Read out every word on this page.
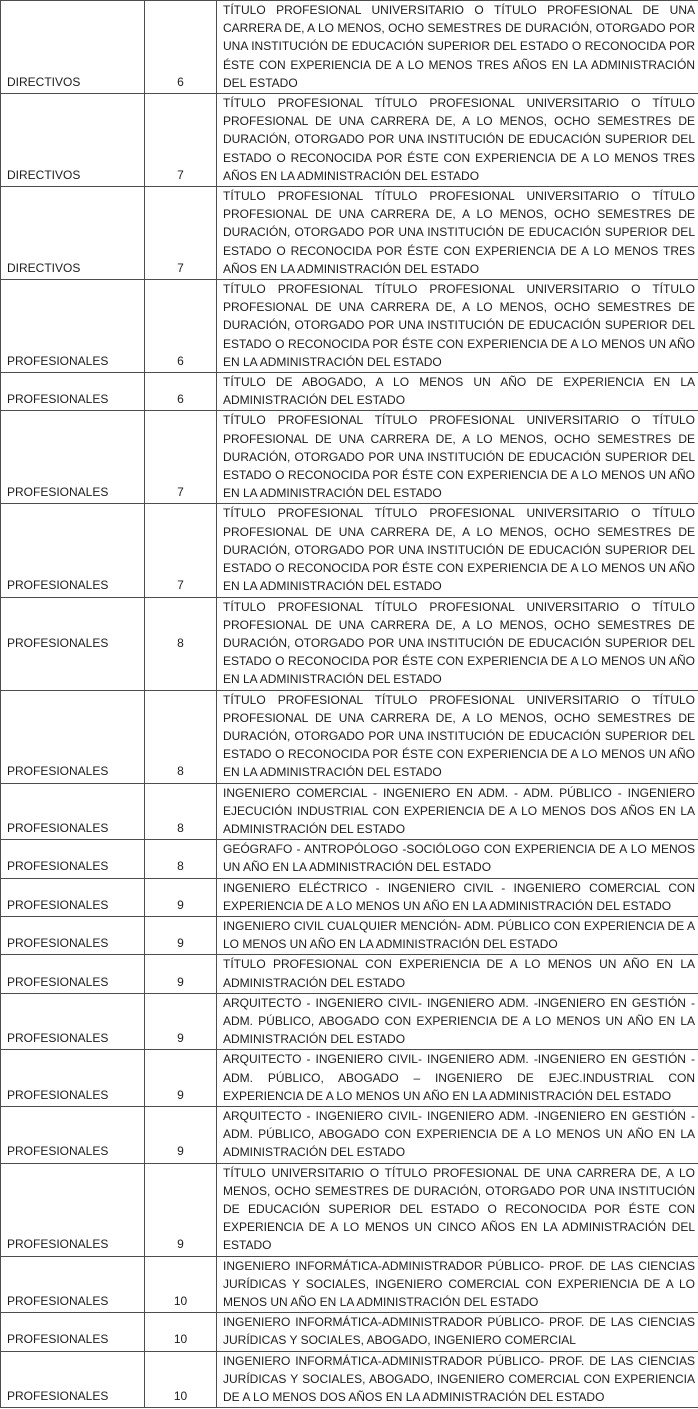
DIRECTIVOS	6	TÍTULO PROFESIONAL UNIVERSITARIO O TÍTULO PROFESIONAL DE UNA CARRERA DE, A LO MENOS, OCHO SEMESTRES DE DURACIÓN, OTORGADO POR UNA INSTITUCIÓN DE EDUCACIÓN SUPERIOR DEL ESTADO O RECONOCIDA POR ÉSTE CON EXPERIENCIA DE A LO MENOS TRES AÑOS EN LA ADMINISTRACIÓN DEL ESTADO
DIRECTIVOS	7	TÍTULO PROFESIONAL TÍTULO PROFESIONAL UNIVERSITARIO O TÍTULO PROFESIONAL DE UNA CARRERA DE, A LO MENOS, OCHO SEMESTRES DE DURACIÓN, OTORGADO POR UNA INSTITUCIÓN DE EDUCACIÓN SUPERIOR DEL ESTADO O RECONOCIDA POR ÉSTE CON EXPERIENCIA DE A LO MENOS TRES AÑOS EN LA ADMINISTRACIÓN DEL ESTADO
DIRECTIVOS	7	TÍTULO PROFESIONAL TÍTULO PROFESIONAL UNIVERSITARIO O TÍTULO PROFESIONAL DE UNA CARRERA DE, A LO MENOS, OCHO SEMESTRES DE DURACIÓN, OTORGADO POR UNA INSTITUCIÓN DE EDUCACIÓN SUPERIOR DEL ESTADO O RECONOCIDA POR ÉSTE CON EXPERIENCIA DE A LO MENOS TRES AÑOS EN LA ADMINISTRACIÓN DEL ESTADO
PROFESIONALES	6	TÍTULO PROFESIONAL TÍTULO PROFESIONAL UNIVERSITARIO O TÍTULO PROFESIONAL DE UNA CARRERA DE, A LO MENOS, OCHO SEMESTRES DE DURACIÓN, OTORGADO POR UNA INSTITUCIÓN DE EDUCACIÓN SUPERIOR DEL ESTADO O RECONOCIDA POR ÉSTE CON EXPERIENCIA DE A LO MENOS UN AÑO EN LA ADMINISTRACIÓN DEL ESTADO
PROFESIONALES	6	TÍTULO DE ABOGADO, A LO MENOS UN AÑO DE EXPERIENCIA EN LA ADMINISTRACIÓN DEL ESTADO
PROFESIONALES	7	TÍTULO PROFESIONAL TÍTULO PROFESIONAL UNIVERSITARIO O TÍTULO PROFESIONAL DE UNA CARRERA DE, A LO MENOS, OCHO SEMESTRES DE DURACIÓN, OTORGADO POR UNA INSTITUCIÓN DE EDUCACIÓN SUPERIOR DEL ESTADO O RECONOCIDA POR ÉSTE CON EXPERIENCIA DE A LO MENOS UN AÑO EN LA ADMINISTRACIÓN DEL ESTADO
PROFESIONALES	7	TÍTULO PROFESIONAL TÍTULO PROFESIONAL UNIVERSITARIO O TÍTULO PROFESIONAL DE UNA CARRERA DE, A LO MENOS, OCHO SEMESTRES DE DURACIÓN, OTORGADO POR UNA INSTITUCIÓN DE EDUCACIÓN SUPERIOR DEL ESTADO O RECONOCIDA POR ÉSTE CON EXPERIENCIA DE A LO MENOS UN AÑO EN LA ADMINISTRACIÓN DEL ESTADO
PROFESIONALES	8	TÍTULO PROFESIONAL TÍTULO PROFESIONAL UNIVERSITARIO O TÍTULO PROFESIONAL DE UNA CARRERA DE, A LO MENOS, OCHO SEMESTRES DE DURACIÓN, OTORGADO POR UNA INSTITUCIÓN DE EDUCACIÓN SUPERIOR DEL ESTADO O RECONOCIDA POR ÉSTE CON EXPERIENCIA DE A LO MENOS UN AÑO EN LA ADMINISTRACIÓN DEL ESTADO
PROFESIONALES	8	TÍTULO PROFESIONAL TÍTULO PROFESIONAL UNIVERSITARIO O TÍTULO PROFESIONAL DE UNA CARRERA DE, A LO MENOS, OCHO SEMESTRES DE DURACIÓN, OTORGADO POR UNA INSTITUCIÓN DE EDUCACIÓN SUPERIOR DEL ESTADO O RECONOCIDA POR ÉSTE CON EXPERIENCIA DE A LO MENOS UN AÑO EN LA ADMINISTRACIÓN DEL ESTADO
PROFESIONALES	8	INGENIERO COMERCIAL - INGENIERO EN ADM. - ADM. PÚBLICO - INGENIERO EJECUCIÓN INDUSTRIAL CON EXPERIENCIA DE A LO MENOS DOS AÑOS EN LA ADMINISTRACIÓN DEL ESTADO
PROFESIONALES	8	GEÓGRAFO - ANTROPÓLOGO -SOCIÓLOGO CON EXPERIENCIA DE A LO MENOS UN AÑO EN LA ADMINISTRACIÓN DEL ESTADO
PROFESIONALES	9	INGENIERO ELÉCTRICO - INGENIERO CIVIL - INGENIERO COMERCIAL CON EXPERIENCIA DE A LO MENOS UN AÑO EN LA ADMINISTRACIÓN DEL ESTADO
PROFESIONALES	9	INGENIERO CIVIL CUALQUIER MENCIÓN- ADM. PÚBLICO CON EXPERIENCIA DE A LO MENOS UN AÑO EN LA ADMINISTRACIÓN DEL ESTADO
PROFESIONALES	9	TÍTULO PROFESIONAL CON EXPERIENCIA DE A LO MENOS UN AÑO EN LA ADMINISTRACIÓN DEL ESTADO
PROFESIONALES	9	ARQUITECTO - INGENIERO CIVIL- INGENIERO ADM. -INGENIERO EN GESTIÓN - ADM. PÚBLICO, ABOGADO CON EXPERIENCIA DE A LO MENOS UN AÑO EN LA ADMINISTRACIÓN DEL ESTADO
PROFESIONALES	9	ARQUITECTO - INGENIERO CIVIL- INGENIERO ADM. -INGENIERO EN GESTIÓN - ADM. PÚBLICO, ABOGADO – INGENIERO DE EJEC.INDUSTRIAL CON EXPERIENCIA DE A LO MENOS UN AÑO EN LA ADMINISTRACIÓN DEL ESTADO
PROFESIONALES	9	ARQUITECTO - INGENIERO CIVIL- INGENIERO ADM. -INGENIERO EN GESTIÓN - ADM. PÚBLICO, ABOGADO CON EXPERIENCIA DE A LO MENOS UN AÑO EN LA ADMINISTRACIÓN DEL ESTADO
PROFESIONALES	9	TÍTULO UNIVERSITARIO O TÍTULO PROFESIONAL DE UNA CARRERA DE, A LO MENOS, OCHO SEMESTRES DE DURACIÓN, OTORGADO POR UNA INSTITUCIÓN DE EDUCACIÓN SUPERIOR DEL ESTADO O RECONOCIDA POR ÉSTE CON EXPERIENCIA DE A LO MENOS UN CINCO AÑOS EN LA ADMINISTRACIÓN DEL ESTADO
PROFESIONALES	10	INGENIERO INFORMÁTICA-ADMINISTRADOR PÚBLICO- PROF. DE LAS CIENCIAS JURÍDICAS Y SOCIALES, INGENIERO COMERCIAL CON EXPERIENCIA DE A LO MENOS UN AÑO EN LA ADMINISTRACIÓN DEL ESTADO
PROFESIONALES	10	INGENIERO INFORMÁTICA-ADMINISTRADOR PÚBLICO- PROF. DE LAS CIENCIAS JURÍDICAS Y SOCIALES, ABOGADO, INGENIERO COMERCIAL
PROFESIONALES	10	INGENIERO INFORMÁTICA-ADMINISTRADOR PÚBLICO- PROF. DE LAS CIENCIAS JURÍDICAS Y SOCIALES, ABOGADO, INGENIERO COMERCIAL CON EXPERIENCIA DE A LO MENOS DOS AÑOS EN LA ADMINISTRACIÓN DEL ESTADO
